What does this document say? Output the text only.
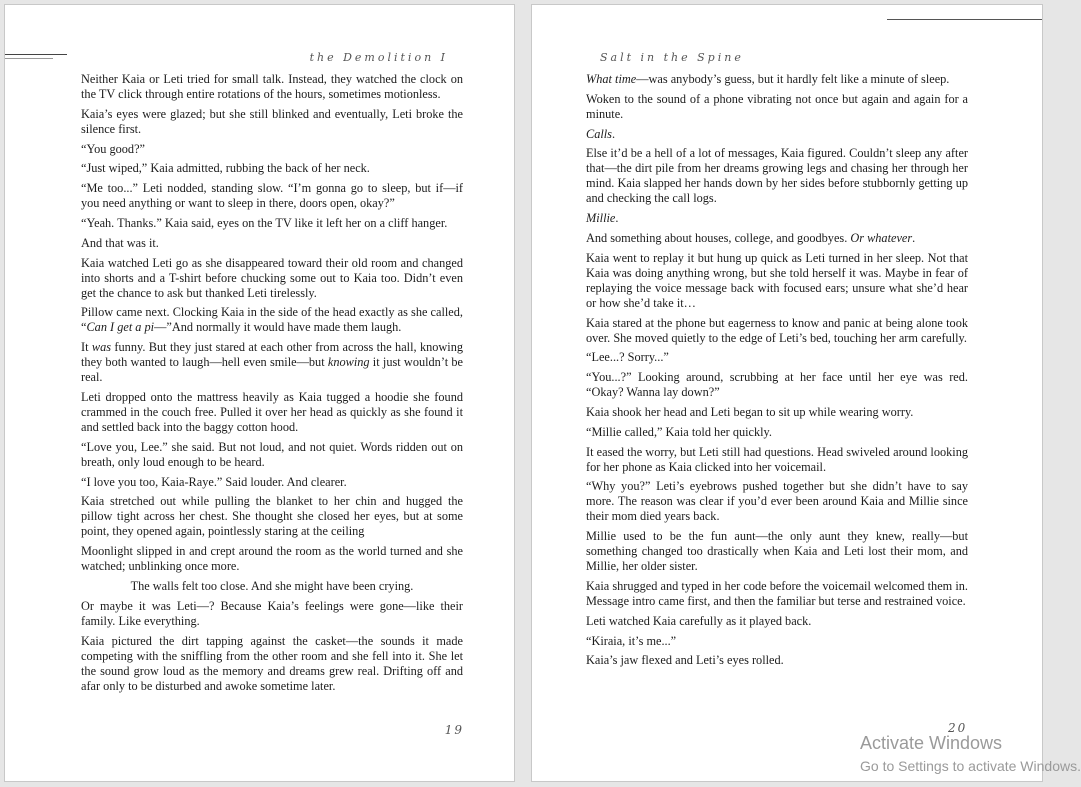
the Demolition I

Neither Kaia or Leti tried for small talk. Instead, they watched the clock on the TV click through entire rotations of the hours, sometimes motionless.

Kaia’s eyes were glazed; but she still blinked and eventually, Leti broke the silence first.

“You good?”

“Just wiped,” Kaia admitted, rubbing the back of her neck.

“Me too...” Leti nodded, standing slow. “I’m gonna go to sleep, but if—if you need anything or want to sleep in there, doors open, okay?”

“Yeah. Thanks.” Kaia said, eyes on the TV like it left her on a cliff hanger.

And that was it.

Kaia watched Leti go as she disappeared toward their old room and changed into shorts and a T-shirt before chucking some out to Kaia too. Didn’t even get the chance to ask but thanked Leti tirelessly.

Pillow came next. Clocking Kaia in the side of the head exactly as she called, “Can I get a pi—”And normally it would have made them laugh.

It was funny. But they just stared at each other from across the hall, knowing they both wanted to laugh—hell even smile—but knowing it just wouldn’t be real.

Leti dropped onto the mattress heavily as Kaia tugged a hoodie she found crammed in the couch free. Pulled it over her head as quickly as she found it and settled back into the baggy cotton hood.

“Love you, Lee.” she said. But not loud, and not quiet. Words ridden out on breath, only loud enough to be heard.

“I love you too, Kaia-Raye.” Said louder. And clearer.

Kaia stretched out while pulling the blanket to her chin and hugged the pillow tight across her chest. She thought she closed her eyes, but at some point, they opened again, pointlessly staring at the ceiling

Moonlight slipped in and crept around the room as the world turned and she watched; unblinking once more.

The walls felt too close. And she might have been crying.

Or maybe it was Leti—? Because Kaia’s feelings were gone—like their family. Like everything.

Kaia pictured the dirt tapping against the casket—the sounds it made competing with the sniffling from the other room and she fell into it. She let the sound grow loud as the memory and dreams grew real. Drifting off and afar only to be disturbed and awoke sometime later.

19
Salt in the Spine

What time—was anybody’s guess, but it hardly felt like a minute of sleep.

Woken to the sound of a phone vibrating not once but again and again for a minute.

Calls.

Else it’d be a hell of a lot of messages, Kaia figured. Couldn’t sleep any after that—the dirt pile from her dreams growing legs and chasing her through her mind. Kaia slapped her hands down by her sides before stubbornly getting up and checking the call logs.

Millie.

And something about houses, college, and goodbyes. Or whatever.

Kaia went to replay it but hung up quick as Leti turned in her sleep. Not that Kaia was doing anything wrong, but she told herself it was. Maybe in fear of replaying the voice message back with focused ears; unsure what she’d hear or how she’d take it…

Kaia stared at the phone but eagerness to know and panic at being alone took over. She moved quietly to the edge of Leti’s bed, touching her arm carefully.

“Lee...? Sorry...”

“You...?” Looking around, scrubbing at her face until her eye was red. “Okay? Wanna lay down?”

Kaia shook her head and Leti began to sit up while wearing worry.

“Millie called,” Kaia told her quickly.

It eased the worry, but Leti still had questions. Head swiveled around looking for her phone as Kaia clicked into her voicemail.

“Why you?” Leti’s eyebrows pushed together but she didn’t have to say more. The reason was clear if you’d ever been around Kaia and Millie since their mom died years back.

Millie used to be the fun aunt—the only aunt they knew, really—but something changed too drastically when Kaia and Leti lost their mom, and Millie, her older sister.

Kaia shrugged and typed in her code before the voicemail welcomed them in. Message intro came first, and then the familiar but terse and restrained voice.

Leti watched Kaia carefully as it played back.

“Kiraia, it’s me...”

Kaia’s jaw flexed and Leti’s eyes rolled.

20
Activate Windows
Go to Settings to activate Windows.
